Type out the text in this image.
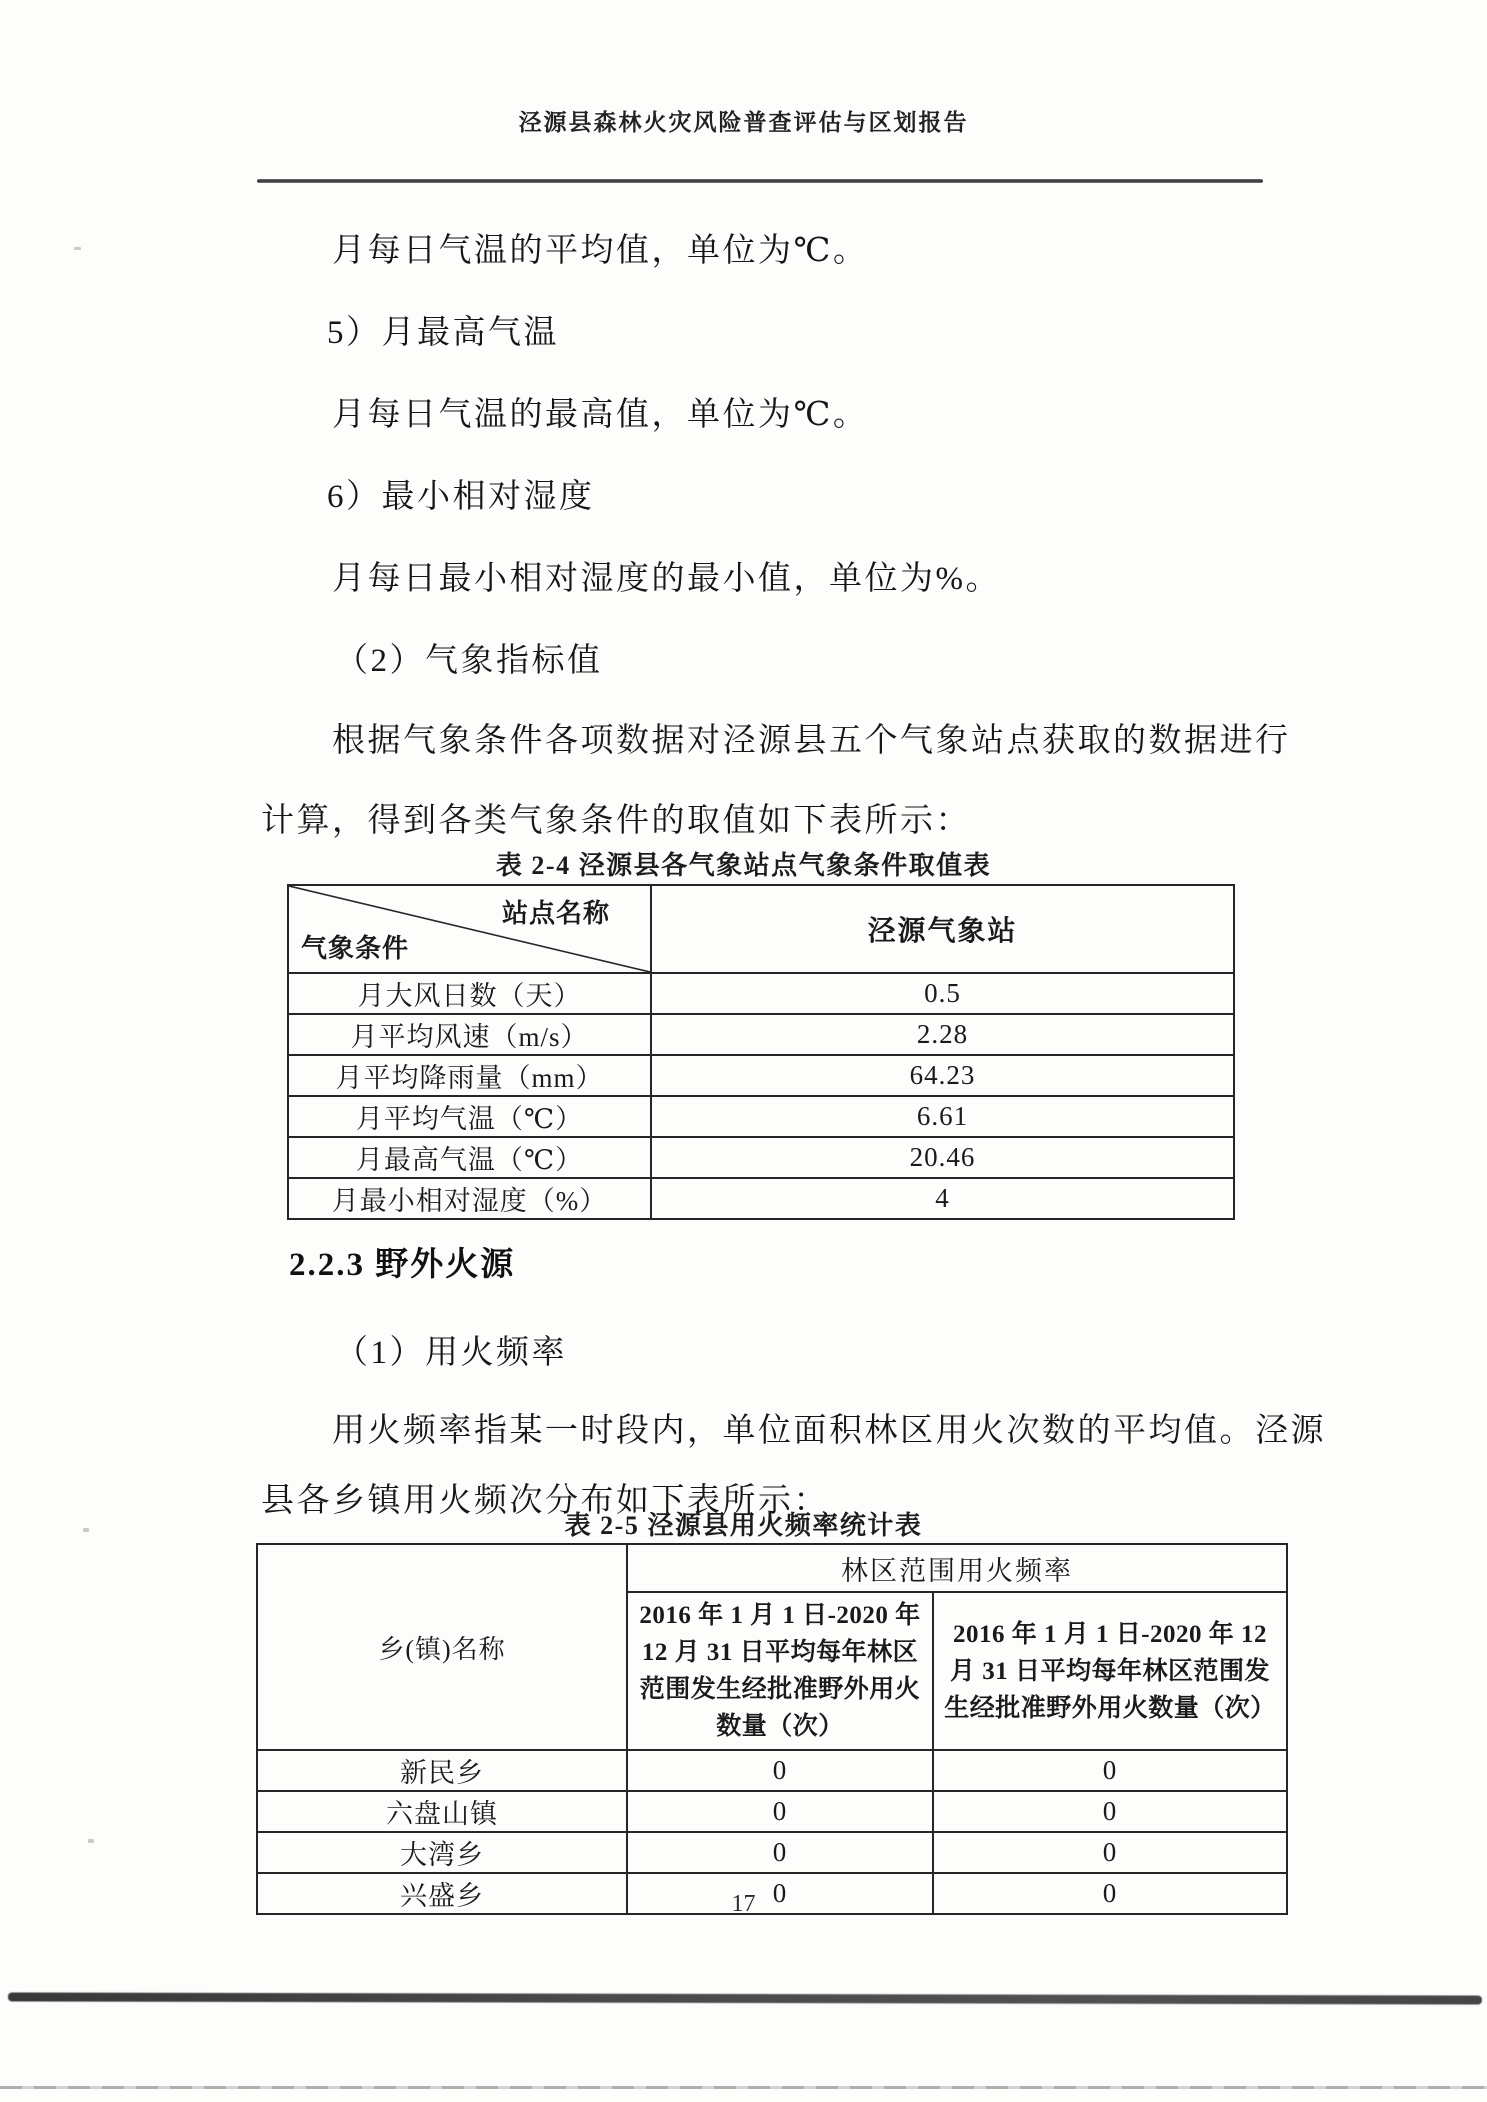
泾源县森林火灾风险普查评估与区划报告
月每日气温的平均值，单位为℃。
5）月最高气温
月每日气温的最高值，单位为℃。
6）最小相对湿度
月每日最小相对湿度的最小值，单位为%。
（2）气象指标值
根据气象条件各项数据对泾源县五个气象站点获取的数据进行
计算，得到各类气象条件的取值如下表所示：
表 2-4 泾源县各气象站点气象条件取值表
站点名称
气象条件	泾源气象站
月大风日数（天）	0.5
月平均风速（m/s）	2.28
月平均降雨量（mm）	64.23
月平均气温（℃）	6.61
月最高气温（℃）	20.46
月最小相对湿度（%）	4
2.2.3 野外火源
（1）用火频率
用火频率指某一时段内，单位面积林区用火次数的平均值。泾源
县各乡镇用火频次分布如下表所示：
表 2-5 泾源县用火频率统计表
乡(镇)名称	林区范围用火频率	
	2016 年 1 月 1 日-2020 年 12 月 31 日平均每年林区范围发生经批准野外用火数量（次）	2016 年 1 月 1 日-2020 年 12 月 31 日平均每年林区范围发生经批准野外用火数量（次）
新民乡	0	0
六盘山镇	0	0
大湾乡	0	0
兴盛乡	0	0
17
